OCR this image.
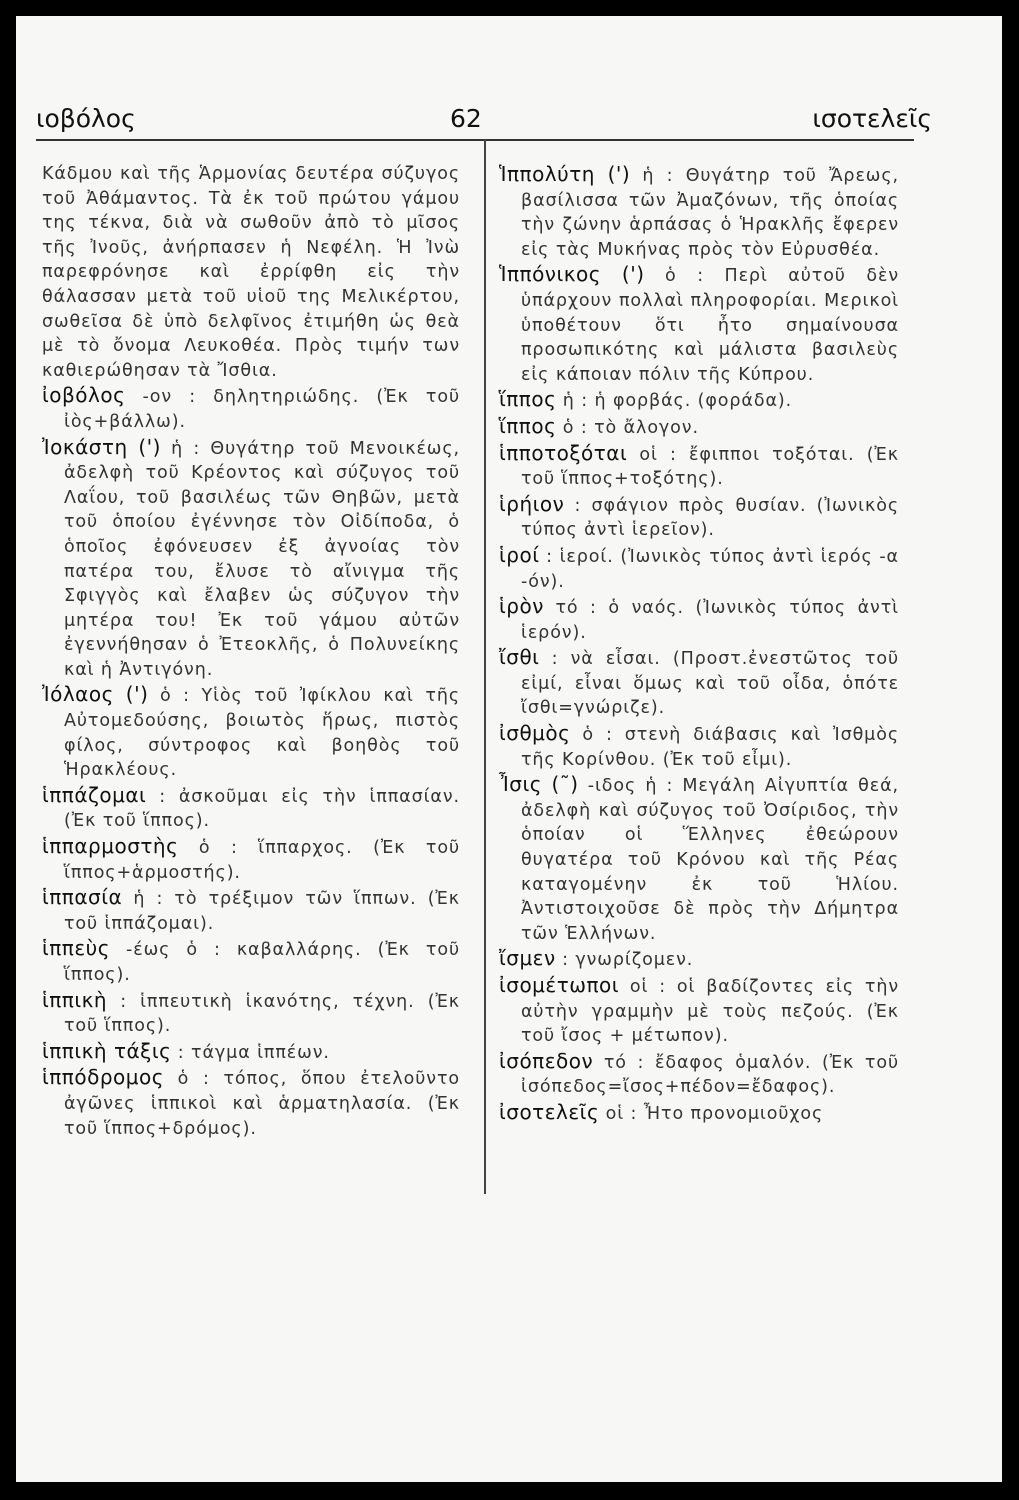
ιοβόλος	62	ισοτελεῖς

Κάδμου καὶ τῆς Ἁρμονίας δευτέρα σύζυγος τοῦ Ἀθάμαντος. Τὰ ἐκ τοῦ πρώτου γάμου της τέκνα, διὰ νὰ σωθοῦν ἀπὸ τὸ μῖσος τῆς Ἰνοῦς, ἀνήρπασεν ἡ Νεφέλη. Ἡ Ἰνὼ παρεφρόνησε καὶ ἐρρίφθη εἰς τὴν θάλασσαν μετὰ τοῦ υἱοῦ της Μελικέρτου, σωθεῖσα δὲ ὑπὸ δελφῖνος ἐτιμήθη ὡς θεὰ μὲ τὸ ὄνομα Λευκοθέα. Πρὸς τιμήν των καθιερώθησαν τὰ Ἴσθια.

ἰοβόλος -ον : δηλητηριώδης. (Ἐκ τοῦ ἰὸς+βάλλω).

Ἰοκάστη (') ἡ : Θυγάτηρ τοῦ Μενοικέως, ἀδελφὴ τοῦ Κρέοντος καὶ σύζυγος τοῦ Λαΐου, τοῦ βασιλέως τῶν Θηβῶν, μετὰ τοῦ ὁποίου ἐγέννησε τὸν Οἰδίποδα, ὁ ὁποῖος ἐφόνευσεν ἐξ ἀγνοίας τὸν πατέρα του, ἔλυσε τὸ αἴνιγμα τῆς Σφιγγὸς καὶ ἔλαβεν ὡς σύζυγον τὴν μητέρα του! Ἐκ τοῦ γάμου αὐτῶν ἐγεννήθησαν ὁ Ἐτεοκλῆς, ὁ Πολυνείκης καὶ ἡ Ἀντιγόνη.

Ἰόλαος (') ὁ : Υἱὸς τοῦ Ἰφίκλου καὶ τῆς Αὐτομεδούσης, βοιωτὸς ἥρως, πιστὸς φίλος, σύντροφος καὶ βοηθὸς τοῦ Ἡρακλέους.

ἱππάζομαι : ἀσκοῦμαι εἰς τὴν ἱππασίαν. (Ἐκ τοῦ ἵππος).

ἱππαρμοστὴς ὁ : ἵππαρχος. (Ἐκ τοῦ ἵππος+ἁρμοστής).

ἱππασία ἡ : τὸ τρέξιμον τῶν ἵππων. (Ἐκ τοῦ ἱππάζομαι).

ἱππεὺς -έως ὁ : καβαλλάρης. (Ἐκ τοῦ ἵππος).

ἱππικὴ : ἱππευτικὴ ἱκανότης, τέχνη. (Ἐκ τοῦ ἵππος).

ἱππικὴ τάξις : τάγμα ἱππέων.

ἱππόδρομος ὁ : τόπος, ὅπου ἐτελοῦντο ἀγῶνες ἱππικοὶ καὶ ἁρματηλασία. (Ἐκ τοῦ ἵππος+δρόμος).

Ἱππολύτη (') ἡ : Θυγάτηρ τοῦ Ἄρεως, βασίλισσα τῶν Ἀμαζόνων, τῆς ὁποίας τὴν ζώνην ἁρπάσας ὁ Ἡρακλῆς ἔφερεν εἰς τὰς Μυκήνας πρὸς τὸν Εὐρυσθέα.

Ἱππόνικος (') ὁ : Περὶ αὐτοῦ δὲν ὑπάρχουν πολλαὶ πληροφορίαι. Μερικοὶ ὑποθέτουν ὅτι ἦτο σημαίνουσα προσωπικότης καὶ μάλιστα βασιλεὺς εἰς κάποιαν πόλιν τῆς Κύπρου.

ἵππος ἡ : ἡ φορβάς. (φοράδα).

ἵππος ὁ : τὸ ἄλογον.

ἱπποτοξόται οἱ : ἔφιπποι τοξόται. (Ἐκ τοῦ ἵππος+τοξότης).

ἱρήιον : σφάγιον πρὸς θυσίαν. (Ἰωνικὸς τύπος ἀντὶ ἱερεῖον).

ἱροί : ἱεροί. (Ἰωνικὸς τύπος ἀντὶ ἱερός -α -όν).

ἱρὸν τό : ὁ ναός. (Ἰωνικὸς τύπος ἀντὶ ἱερόν).

ἴσθι : νὰ εἶσαι. (Προστ.ἐνεστῶτος τοῦ εἰμί, εἶναι ὅμως καὶ τοῦ οἶδα, ὁπότε ἴσθι=γνώριζε).

ἰσθμὸς ὁ : στενὴ διάβασις καὶ Ἰσθμὸς τῆς Κορίνθου. (Ἐκ τοῦ εἶμι).

Ἶσις (˜) -ιδος ἡ : Μεγάλη Αἰγυπτία θεά, ἀδελφὴ καὶ σύζυγος τοῦ Ὀσίριδος, τὴν ὁποίαν οἱ Ἕλληνες ἐθεώρουν θυγατέρα τοῦ Κρόνου καὶ τῆς Ρέας καταγομένην ἐκ τοῦ Ἡλίου. Ἀντιστοιχοῦσε δὲ πρὸς τὴν Δήμητρα τῶν Ἑλλήνων.

ἴσμεν : γνωρίζομεν.

ἰσομέτωποι οἱ : οἱ βαδίζοντες εἰς τὴν αὐτὴν γραμμὴν μὲ τοὺς πεζούς. (Ἐκ τοῦ ἴσος + μέτωπον).

ἰσόπεδον τό : ἔδαφος ὁμαλόν. (Ἐκ τοῦ ἰσόπεδος=ἴσος+πέδον=ἔδαφος).

ἰσοτελεῖς οἱ : Ἦτο προνομιοῦχος
